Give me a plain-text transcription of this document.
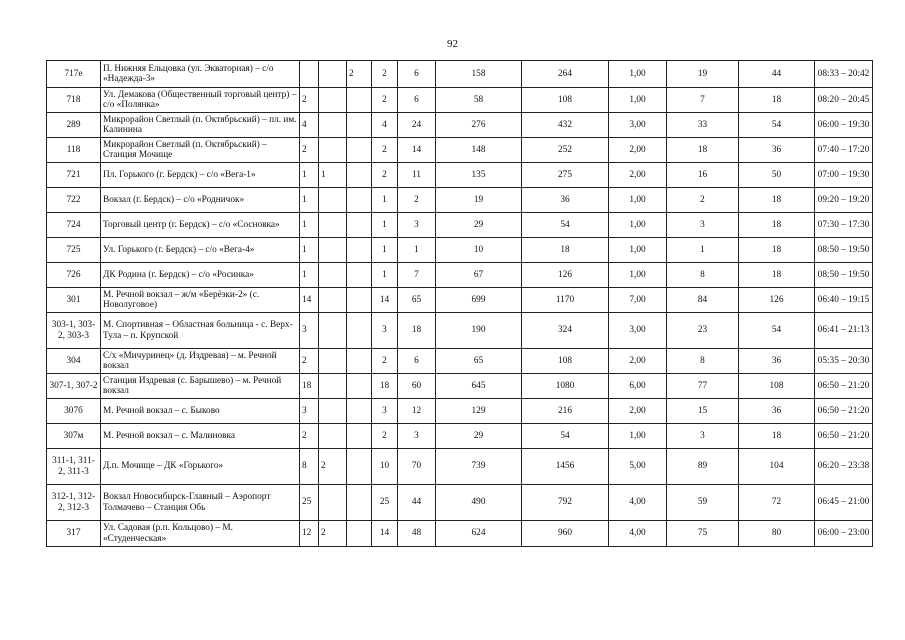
92
717е	П. Нижняя Ельцовка (ул. Экваторная) – с/о «Надежда-3»			2	2	6	158	264	1,00	19	44	08:33 – 20:42
718	Ул. Демакова (Общественный торговый центр) – с/о «Полянка»	2			2	6	58	108	1,00	7	18	08:20 – 20:45
289	Микрорайон Светлый (п. Октябрьский) – пл. им. Калинина	4			4	24	276	432	3,00	33	54	06:00 – 19:30
118	Микрорайон Светлый (п. Октябрьский) – Станция Мочище	2			2	14	148	252	2,00	18	36	07:40 – 17:20
721	Пл. Горького (г. Бердск) – с/о «Вега-1»	1	1		2	11	135	275	2,00	16	50	07:00 – 19:30
722	Вокзал (г. Бердск) – с/о «Родничок»	1			1	2	19	36	1,00	2	18	09:20 – 19:20
724	Торговый центр (г. Бердск) – с/о «Сосновка»	1			1	3	29	54	1,00	3	18	07:30 – 17:30
725	Ул. Горького (г. Бердск) – с/о «Вега-4»	1			1	1	10	18	1,00	1	18	08:50 – 19:50
726	ДК Родина (г. Бердск) – с/о «Росинка»	1			1	7	67	126	1,00	8	18	08:50 – 19:50
301	М. Речной вокзал – ж/м «Берёзки-2» (с. Новолуговое)	14			14	65	699	1170	7,00	84	126	06:40 – 19:15
303-1, 303-2, 303-3	М. Спортивная – Областная больница - с. Верх-Тула – п. Крупской	3			3	18	190	324	3,00	23	54	06:41 – 21:13
304	С/х «Мичуринец» (д. Издревая) – м. Речной вокзал	2			2	6	65	108	2,00	8	36	05:35 – 20:30
307-1, 307-2	Станция Издревая (с. Барышево) – м. Речной вокзал	18			18	60	645	1080	6,00	77	108	06:50 – 21:20
307б	М. Речной вокзал – с. Быково	3			3	12	129	216	2,00	15	36	06:50 – 21:20
307м	М. Речной вокзал – с. Малиновка	2			2	3	29	54	1,00	3	18	06:50 – 21:20
311-1, 311-2, 311-3	Д.п. Мочище – ДК «Горького»	8	2		10	70	739	1456	5,00	89	104	06:20 – 23:38
312-1, 312-2, 312-3	Вокзал Новосибирск-Главный – Аэропорт Толмачево – Станция Обь	25			25	44	490	792	4,00	59	72	06:45 – 21:00
317	Ул. Садовая (р.п. Кольцово) – М. «Студенческая»	12	2		14	48	624	960	4,00	75	80	06:00 – 23:00
